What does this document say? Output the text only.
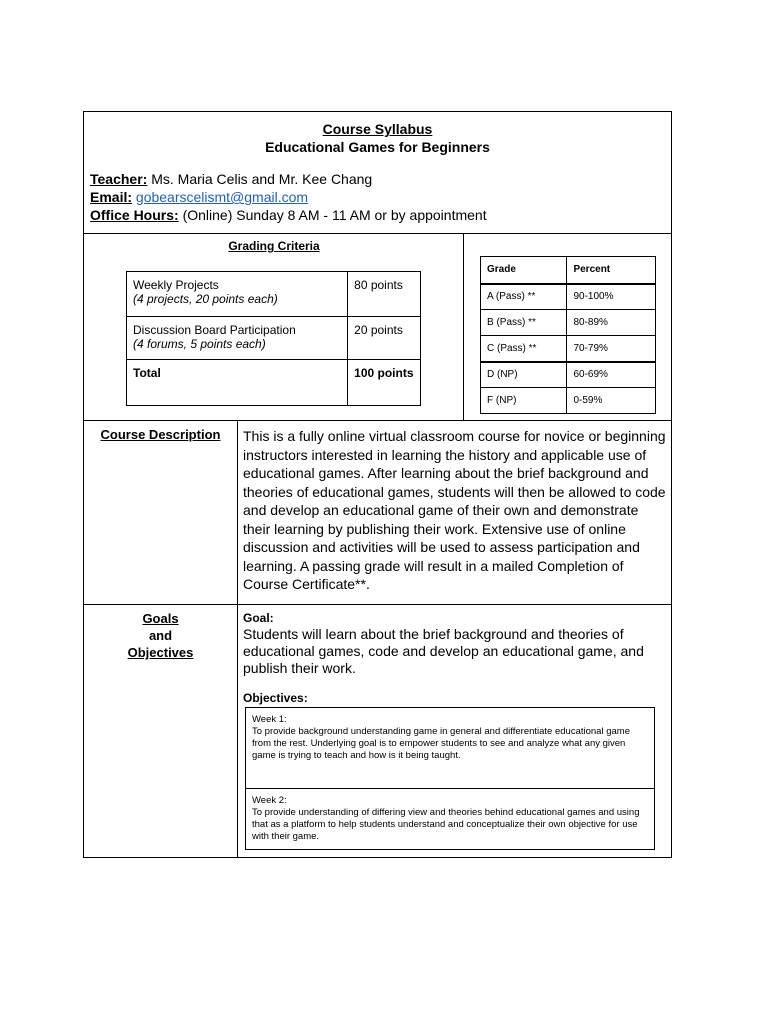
Course Syllabus
Educational Games for Beginners
Teacher: Ms. Maria Celis and Mr. Kee Chang
Email: gobearscelismt@gmail.com
Office Hours: (Online) Sunday 8 AM - 11 AM or by appointment
Grading Criteria
Weekly Projects
(4 projects, 20 points each)	80 points

Discussion Board Participation
(4 forums, 5 points each)	20 points
Total	100 points
Grade	Percent
A (Pass) **	90-100%
B (Pass) **	80-89%
C (Pass) **	70-79%
D (NP)	60-69%
F (NP)	0-59%
Course Description	This is a fully online virtual classroom course for novice or beginning instructors interested in learning the history and applicable use of educational games. After learning about the brief background and theories of educational games, students will then be allowed to code and develop an educational game of their own and demonstrate their learning by publishing their work. Extensive use of online discussion and activities will be used to assess participation and learning. A passing grade will result in a mailed Completion of Course Certificate**.
Goals
and
Objectives
Goal:
Students will learn about the brief background and theories of educational games, code and develop an educational game, and publish their work.
Objectives:
Week 1:
To provide background understanding game in general and differentiate educational game from the rest. Underlying goal is to empower students to see and analyze what any given game is trying to teach and how is it being taught.
Week 2:
To provide understanding of differing view and theories behind educational games and using that as a platform to help students understand and conceptualize their own objective for use with their game.
